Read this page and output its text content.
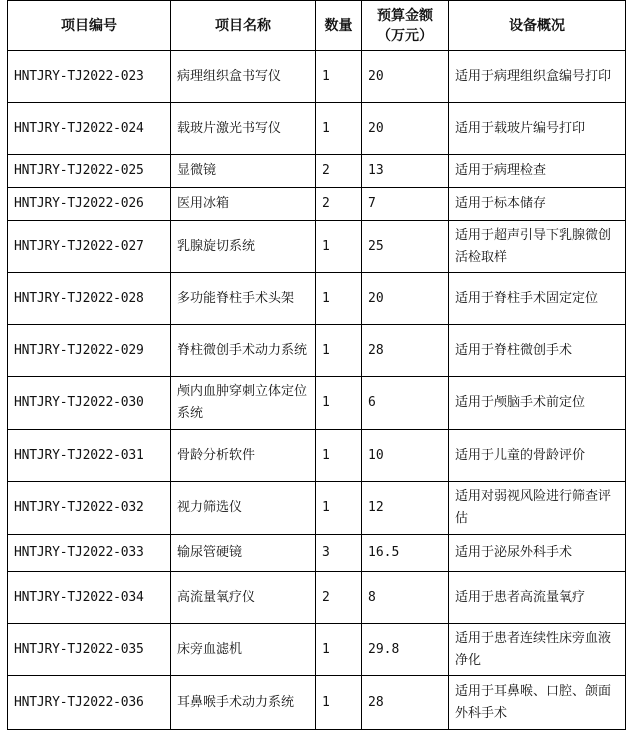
项目编号	项目名称	数量	预算金额（万元）	设备概况
HNTJRY-TJ2022-023	病理组织盒书写仪	1	20	适用于病理组织盒编号打印
HNTJRY-TJ2022-024	载玻片激光书写仪	1	20	适用于载玻片编号打印
HNTJRY-TJ2022-025	显微镜	2	13	适用于病理检查
HNTJRY-TJ2022-026	医用冰箱	2	7	适用于标本储存
HNTJRY-TJ2022-027	乳腺旋切系统	1	25	适用于超声引导下乳腺微创活检取样
HNTJRY-TJ2022-028	多功能脊柱手术头架	1	20	适用于脊柱手术固定定位
HNTJRY-TJ2022-029	脊柱微创手术动力系统	1	28	适用于脊柱微创手术
HNTJRY-TJ2022-030	颅内血肿穿刺立体定位系统	1	6	适用于颅脑手术前定位
HNTJRY-TJ2022-031	骨龄分析软件	1	10	适用于儿童的骨龄评价
HNTJRY-TJ2022-032	视力筛选仪	1	12	适用对弱视风险进行筛查评估
HNTJRY-TJ2022-033	输尿管硬镜	3	16.5	适用于泌尿外科手术
HNTJRY-TJ2022-034	高流量氧疗仪	2	8	适用于患者高流量氧疗
HNTJRY-TJ2022-035	床旁血滤机	1	29.8	适用于患者连续性床旁血液净化
HNTJRY-TJ2022-036	耳鼻喉手术动力系统	1	28	适用于耳鼻喉、口腔、颌面外科手术
